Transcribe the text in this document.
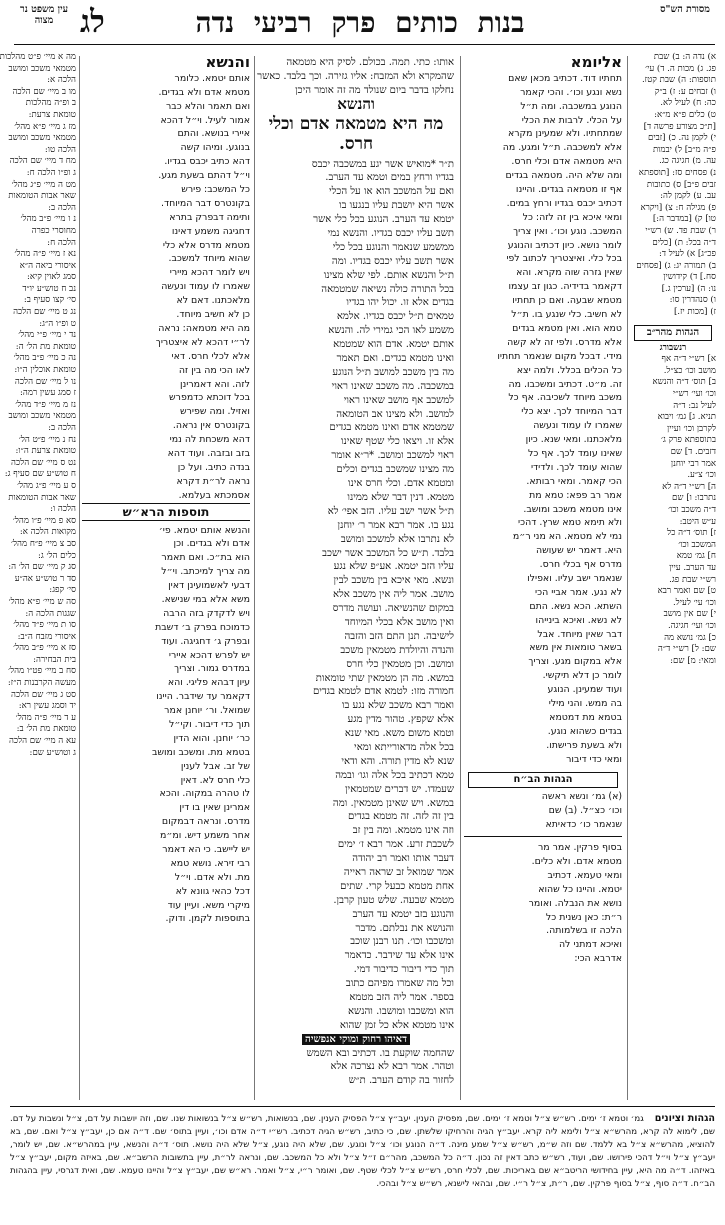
מסורת הש"ס
בנות כותים פרק רביעי נדה
לג
עין משפט נר מצוה
א) נדה ה: ב) שבת
פג. ג) מכות ה. ד) עי׳
תוספות: ה) שבת קטז.
ו) זבחים ע: ז) ב״ק
כה: ח) לעיל לא.
ט) כלים פ״א מ״א:
[ת״כ מצורע פרשה ד]
י) לקמן נה. כ) [זבים
פ״ה מ״ב] ל) יבמות
עה. מ) חגיגה כג.
נ) פסחים סז: [תוספתא
זבים פ״ב] ס) כתובות
עב. ע) לקמן לה:
פ) מגילה ח: צ) [ויקרא
טו] ק) [במדבר ה:]
ר) שבת פד. ש) רש״י
ד״ה בכל: ת) [כלים
פכ״ג] א) לעיל ד:
ב) תמורה יג: ג) [פסחים
סח.] ד) קידושין
נו: ה) [ערכין ג.]
ו) סנהדרין סו:
ז) [מכות יז.]
הגהות מהר״ב
רנשבורג
א] רש״י ד״ה אף
מושב וכו׳ כצ״ל.
ב] תוס׳ ד״ה והנשא
וכו׳ ועי׳ רש״י
לעיל נב: ד״ה
תניא. ג] גמ׳ ויבוא
לקרבן וכו׳ ועיין
בתוספתא פרק ג׳
דזבים. ד] שם
אמר רבי יוחנן
וכו׳ צ״ע.
ה] רש״י ד״ה לא
נתרבו: ו] שם
ד״ה משכב וכו׳
ע״ש היטב:
ז] תוס׳ ד״ה כל
המשכב וכו׳
ח] גמ׳ טמא
עד הערב. עיין
רש״י שבת פג.
ט] שם ואמר רבא
וכו׳ עי׳ לעיל.
י] שם אין מושב
וכו׳ ועי׳ חגיגה.
כ] גמ׳ נושא מה
שם: ל] רש״י ד״ה
ומאי: מ] שם:
אליומא
תחתיו דוד. דכתיב מכאן שאם
נשא ונגע וכו׳. והכי קאמר
הנוגע במשכבה. ומה ת״ל
על הכלי. לרבות את הכלי
שמתחתיו. ולא שמעינן מקרא
אלא למשכבה. ת״ל ומגע. מה
היא מטמאה אדם וכלי חרס.
ומה שלא היה. מטמאה בגדים
אף זו מטמאה בגדים. והיינו
דכתיב יכבס בגדיו ורחץ במים.
ומאי איכא בין זה לזה: כל
המשכב. נוגע וכו׳. ואין צריך
לומר נושא. כיון דכתיב והנוגע
בכל כלי. ואיצטריך לכתוב לפי
שאין גזרה שוה מקרא. והא
דקאמר בדידיה. כגון זב עצמו
מטמא שבעה. ואם כן תחתיו
לא חשיב. כלי שנגע בו. ת״ל
טמא הוא. ואין מטמא בגדים
אלא מדרס. ולפי זה לא קשה
מידי. דבכל מקום שנאמר תחתיו
כל הכלים בכלל. ולמה יצא
זה. מ״ט. דכתיב ומשכבו. מה
משכב מיוחד לשכיבה. אף כל
דבר המיוחד לכך. יצא כלי
שאמרו לו עמוד ונעשה
מלאכתנו. ומאי שנא. כיון
שאינו עומד לכך. אף כל
שהוא עומד לכך. ולדידי
הכי קאמר. ומאי רבותא.
אמר רב פפא: טמא מת
אינו מטמא משכב ומושב.
ולא תימא טמא שרץ. דהכי
נמי לא מטמא. הא מני ר״מ
היא. דאמר יש שעושה
מדרס אף בכלי חרס.
שנאמר ישב עליו. ואפילו
לא נגע. אמר אביי הכי
השתא. הכא נשא. התם
לא נשא. ואיכא בינייהו
דבר שאין מיוחד. אבל
בשאר טומאות אין משא
אלא במקום מגע. וצריך
לומר כן דלא תיקשי.
ועוד שמעינן. הנוגע
בה ממש. והני מילי
בטמא מת דמטמא
בגדים כשהוא נוגע.
ולא בשעת פרישתו.
ומאי כדי דיבור
הגהות הב״ח
(א) גמ׳ ונשא ראשה
וכו׳ כצ״ל. (ב) שם
שנאמר כו׳ כדאיתא
בסוף פרקין. אמר מר
מטמא אדם. ולא כלים.
ומאי טעמא. דכתיב
יטמא. והיינו כל שהוא
נושא את הנבלה. ואומר
ר״ת: כאן נשנית כל
הלכה זו בשלמותה.
ואיכא דמתני לה
אדרבא הכי:
אותו: כתי. תמה. בכולם. לסיק היא מטמאה
שהמקרא ולא המזבח: אליו גזירה. וכך בלבד. כאשר
נחלקו בדבר ביום שנולד מה זה אומר היכן
והנשא
מה היא מטמאה אדם וכלי חרס.
ת״ר *מואיש אשר יגע במשכבה יכבס
בגדיו ורחץ במים וטמא עד הערב.
ואם על המשכב הוא או על הכלי
אשר היא יושבת עליו בנגעו בו
יטמא עד הערב. הנוגע בכל כלי אשר
תשב עליו יכבס בגדיו. והנשא נמי
ממשמע שנאמר והנוגע בכל כלי
אשר תשב עליו יכבס בגדיו. ומה
ת״ל והנשא אותם. לפי שלא מצינו
בכל התורה כולה נשיאה שמטמאה
בגדים אלא זו. יכול יהו בגדיו
טמאים ת״ל יכבס בגדיו. אלמא
משמע לאו הכי גמירי לה. והנשא
אותם יטמא. אדם הוא שמטמא
ואינו מטמא בגדים. ואם תאמר
מה בין משכב למושב ת״ל הנוגע
במשכבה. מה משכב שאינו ראוי
למשכב אף מושב שאינו ראוי
למושב. ולא מצינו אב הטומאה
שמטמא אדם ואינו מטמא בגדים
אלא זו. ויצאו כלי שטף שאינו
ראוי למשכב ומושב. *ר״א אומר
מה מצינו שמשכב בגדים וכלים
ומטמא אדם. וכלי חרס אינו
מטמא. דנין דבר שלא ממינו
ת״ל אשר ישב עליו. הזב אפי׳ לא
נגע בו. אמר רבא אמר ר׳ יוחנן
לא נתרבו אלא למשכב ומושב
בלבד. ת״ש כל המשכב אשר ישכב
עליו הזב יטמא. אע״פ שלא נגע
ונשא. מאי איכא בין משכב לבין
מושב. אמר ליה אין משכב אלא
במקום שהנשיאה. ועושה מדרס
ואין מושב אלא בכלי המיוחד
לישיבה. תנן התם הזב והזבה
והנדה והיולדת מטמאין משכב
ומושב. וכן מטמאין כלי חרס
במשא. מה הן מטמאין שתי טומאות
חמורה מזו: לטמא אדם לטמא בגדים
ואמר רבא משכב שלא נגע בו
אלא שקפץ. טהור מדין מגע
וטמא משום משא. מאי שנא
בכל אלה מדאורייתא ומאי
שנא לא מדין תורה. והא ודאי
טמא דכתיב בכל אלה וגו׳ ובמה
שעמדו. יש דברים שמטמאין
במשא. ויש שאינן מטמאין. ומה
בין זה לזה. זה מטמא בגדים
וזה אינו מטמא. ומה בין זב
לשכבת זרע. אמר רבא ז׳ ימים
דעבר אותו ואמר רב יהודה
אמר שמואל זב שראה ראייה
אחת מטמא כבעל קרי. שתים
מטמא שבעה. שלש טעון קרבן.
והנוגע בזב יטמא עד הערב
והנושא את נבלתם. מדבר
ומשכבו וכו׳. תנו רבנן שוכב
אינו אלא עד שידבר. כדאמר
תוך כדי דיבור כדיבור דמי.
וכל מה שאמרו מפיהם כתוב
בספר. אמר ליה הזב מטמא
הוא ומשכבו ומושבו. והנשא
אינו מטמא אלא כל זמן שהוא
דאיהו רחוק ומוקי אנפשיה
שהחמה שוקעת בו. דכתיב ובא השמש
וטהר. אמר רבא לא נצרכה אלא
לחזור בה קודם הערב. ת״ש
והנשא
אותם יטמא. כלומר
מטמא אדם ולא בגדים.
ואם תאמר והלא כבר
אמור לעיל. וי״ל דהכא
איירי בנושא. והתם
בנוגע. ומיהו קשה
דהא כתיב יכבס בגדיו.
וי״ל דהתם בשעת מגע.
כל המשכב: פירש
בקונטרס דבר המיוחד.
ותימה דבפרק בתרא
דחגיגה משמע דאינו
מטמא מדרס אלא כלי
שהוא מיוחד למשכב.
ויש לומר דהכא מיירי
שאמרו לו עמוד ונעשה
מלאכתנו. דאם לא
כן לא חשיב מיוחד.
מה היא מטמאה: נראה
לר״י דהכא לא איצטריך
אלא לכלי חרס. דאי
לאו הכי מה בין זה
לזה. והא דאמרינן
בכל דוכתא כדמפרש
ואזיל. ומה שפירש
בקונטרס אין נראה.
דהא משכחת לה נמי
בזב ובזבה. ועוד דהא
בנדה כתיב. ועל כן
נראה לר״ת דקרא
אסמכתא בעלמא.
תוספות הרא״ש
והנשא אותם יטמא. פי׳
אדם ולא בגדים. וכן
הוא בת״כ. ואם תאמר
מה צריך למיכתב. וי״ל
דבעי לאשמועינן דאין
משא אלא במי שנישא.
ויש לדקדק בזה הרבה
כדמוכח בפרק ב׳ דשבת
ובפרק ג׳ דחגיגה. ועוד
יש לפרש דהכא איירי
במדרס גמור. וצריך
עיון דבהא פליגי. והא
דקאמר עד שידבר. היינו
שמואל. ור׳ יוחנן אמר
תוך כדי דיבור. וקי״ל
כר׳ יוחנן. והוא הדין
בטמא מת. ומשכב ומושב
של זב. אבל לענין
כלי חרס לא. דאין
לו טהרה במקוה. והכא
אמרינן שאין בו דין
מדרס. ונראה דבמקום
אחר משמע דיש. ומ״מ
יש ליישב. כי הא דאמר
רבי זירא. נושא טמא
מת. ולא אדם. וי״ל
דכל כהאי גוונא לא
מיקרי משא. ועיין עוד
בתוספות לקמן. ודוק.
מה א מיי׳ פ״ט מהלכות
מטמאי משכב ומושב
הלכה א:
מו ב מיי׳ שם הלכה
ב ופ״ה מהלכות
טומאת צרעת:
מז ג מיי׳ פ״א מהל׳
מטמאי משכב ומושב
הלכה טו:
מח ד מיי׳ שם הלכה
ג ופ״ו הלכה ח:
מט ה מיי׳ פ״ג מהל׳
שאר אבות הטומאות
הלכה ב:
נ ו מיי׳ פ״ב מהל׳
מחוסרי כפרה
הלכה ח:
נא ז מיי׳ פ״ה מהל׳
איסורי ביאה ה״א
סמג לאוין קיא:
נב ח טוש״ע יו״ד
סי׳ קצו סעיף ב:
נג ט מיי׳ שם הלכה
ט ופ״ו ה״ג:
נד י מיי׳ פ״י מהל׳
טומאת מת הל׳ ה:
נה כ מיי׳ פ״ב מהל׳
טומאת אוכלין ה״ו:
נו ל מיי׳ שם הלכה
ז סמג עשין רמה:
נז מ מיי׳ פ״ד מהל׳
מטמאי משכב ומושב
הלכה ב:
נח נ מיי׳ פ״ט הל׳
טומאת צרעת ה״ו:
נט ס מיי׳ שם הלכה
ח טוש״ע שם סעיף ג:
ס ע מיי׳ פ״ג מהל׳
שאר אבות הטומאות
הלכה ו:
סא פ מיי׳ פ״ו מהל׳
מקואות הלכה א:
סב צ מיי׳ פ״ח מהל׳
כלים הל׳ ג:
סג ק מיי׳ שם הל׳ ה:
סד ר טוש״ע אה״ע
סי׳ קפג:
סה ש מיי׳ פ״א מהל׳
שגגות הלכה ה:
סו ת מיי׳ פ״ד מהל׳
איסורי מזבח ה״ב:
סז א מיי׳ פ״ב מהל׳
בית הבחירה:
סח ב מיי׳ פט״ו מהל׳
מעשה הקרבנות ה״ז:
סט ג מיי׳ שם הלכה
יד וסמג עשין רא:
ע ד מיי׳ פ״ה מהל׳
טומאת מת הל׳ ב:
עא ה מיי׳ שם הלכה
ג וטוש״ע שם:
הגהות וציונים    גמ׳ וטמא ז׳ ימים. רש״ש צ״ל וטמא ז׳ ימים. שם, מפסיק הענין. יעב״ץ צ״ל הפסיק הענין. שם, בנשואות, רש״ש צ״ל בנשואות שנו. שם, וזה יושבות על דם, צ״ל ונשבות על דם. שם, לימוא לה קרא, מהרש״א צ״ל ולימא ליה קרא. יעב״ץ הגיה והרחיקו שלשתן. שם, כי כתיב, רש״ש הגיה דכתיב. רש״י ד״ה אדם וכו׳, ועיין בתוס׳ שם. ד״ה אם כן, יעב״ץ צ״ל ואם. שם, בא להוציא, מהרש״א צ״ל בא ללמד. שם וזה ש״מ, רש״ש צ״ל שמע מינה. ד״ה הנוגע וכו׳ צ״ל ונוגע. שם, שלא היה נוגע, צ״ל שלא היה נושא. תוס׳ ד״ה והנשא, עיין במהרש״א. שם, יש לומר, יעב״ץ צ״ל וי״ל דהכי פירושו. שם, ועוד, רש״ש כתב דאין זה נכון. ד״ה כל המשכב, מהר״ם ז״ל צ״ל ולא כל המשכב. שם, ונראה לר״ת, עיין בתשובות הרשב״א. שם, באיזה מקום, יעב״ץ צ״ל באיזהו. ד״ה מה היא, עיין בחידושי הריטב״א שם באריכות. שם, לכלי חרס, רש״ש צ״ל לכלי שטף. שם, ואומר ר״י, צ״ל ואמר. רא״ש שם, יעב״ץ צ״ל והיינו טעמא. שם, ואית דגרסי, עיין בהגהות הב״ח. ד״ה סוף, צ״ל בסוף פרקין. שם, ר״ת, צ״ל ר״י. שם, ובהאי לישנא, רש״ש צ״ל ובהכי.
